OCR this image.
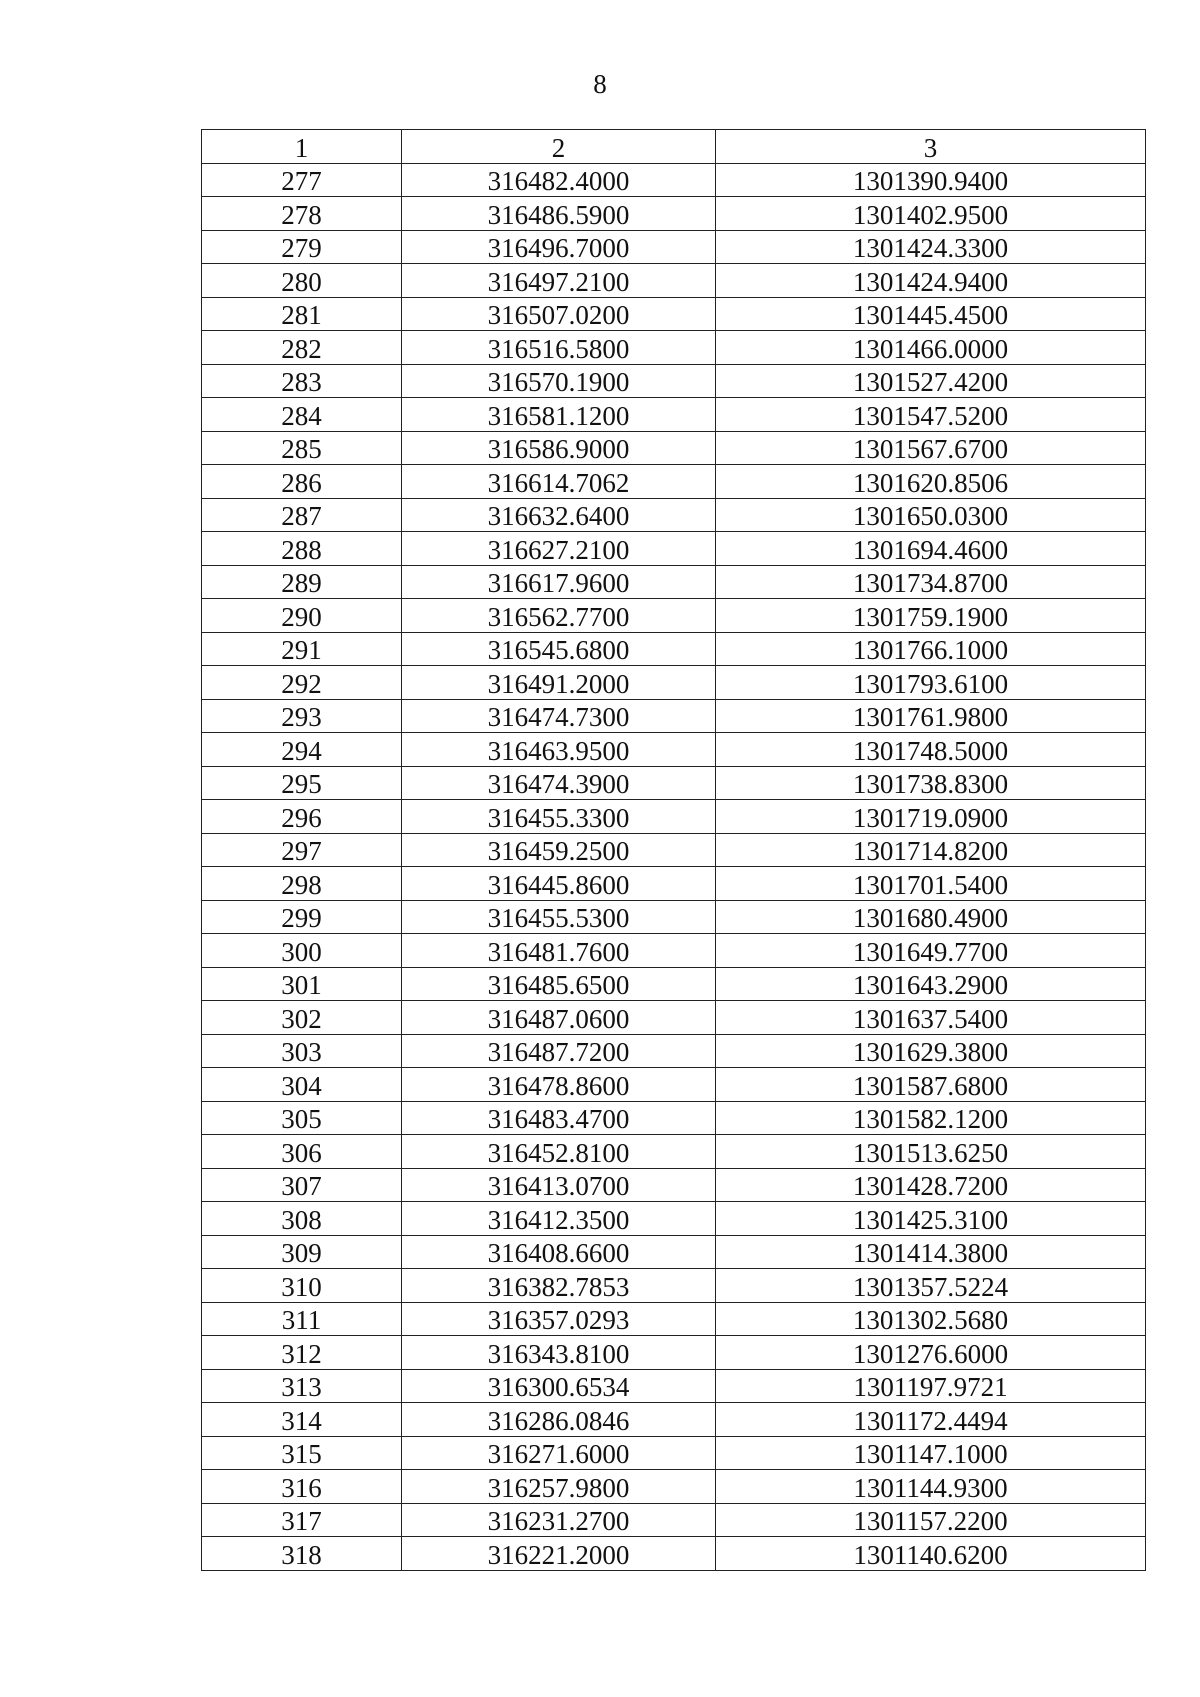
8
1	2	3
277	316482.4000	1301390.9400
278	316486.5900	1301402.9500
279	316496.7000	1301424.3300
280	316497.2100	1301424.9400
281	316507.0200	1301445.4500
282	316516.5800	1301466.0000
283	316570.1900	1301527.4200
284	316581.1200	1301547.5200
285	316586.9000	1301567.6700
286	316614.7062	1301620.8506
287	316632.6400	1301650.0300
288	316627.2100	1301694.4600
289	316617.9600	1301734.8700
290	316562.7700	1301759.1900
291	316545.6800	1301766.1000
292	316491.2000	1301793.6100
293	316474.7300	1301761.9800
294	316463.9500	1301748.5000
295	316474.3900	1301738.8300
296	316455.3300	1301719.0900
297	316459.2500	1301714.8200
298	316445.8600	1301701.5400
299	316455.5300	1301680.4900
300	316481.7600	1301649.7700
301	316485.6500	1301643.2900
302	316487.0600	1301637.5400
303	316487.7200	1301629.3800
304	316478.8600	1301587.6800
305	316483.4700	1301582.1200
306	316452.8100	1301513.6250
307	316413.0700	1301428.7200
308	316412.3500	1301425.3100
309	316408.6600	1301414.3800
310	316382.7853	1301357.5224
311	316357.0293	1301302.5680
312	316343.8100	1301276.6000
313	316300.6534	1301197.9721
314	316286.0846	1301172.4494
315	316271.6000	1301147.1000
316	316257.9800	1301144.9300
317	316231.2700	1301157.2200
318	316221.2000	1301140.6200
